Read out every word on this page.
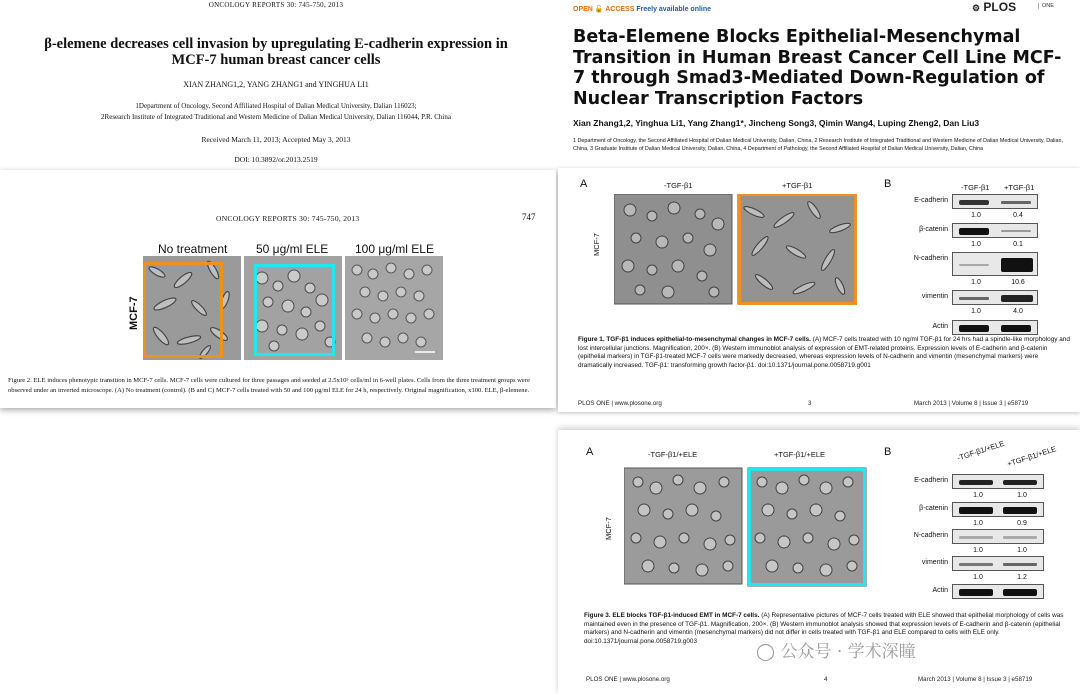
ONCOLOGY REPORTS 30: 745-750, 2013
β-elemene decreases cell invasion by upregulating E-cadherin expression in MCF-7 human breast cancer cells
XIAN ZHANG1,2, YANG ZHANG1 and YINGHUA LI1
1Department of Oncology, Second Affiliated Hospital of Dalian Medical University, Dalian 116023;
2Research Institute of Integrated Traditional and Western Medicine of Dalian Medical University, Dalian 116044, P.R. China
Received March 11, 2013; Accepted May 3, 2013
DOI: 10.3892/or.2013.2519
OPEN 🔓 ACCESS Freely available online	⚙ PLOS	ONE
Beta-Elemene Blocks Epithelial-Mesenchymal Transition in Human Breast Cancer Cell Line MCF-7 through Smad3-Mediated Down-Regulation of Nuclear Transcription Factors
Xian Zhang1,2, Yinghua Li1, Yang Zhang1*, Jincheng Song3, Qimin Wang4, Luping Zheng2, Dan Liu3
1 Department of Oncology, the Second Affiliated Hospital of Dalian Medical University, Dalian, China, 2 Research Institute of Integrated Traditional and Western Medicine of Dalian Medical University, Dalian, China, 3 Graduate Institute of Dalian Medical University, Dalian, China, 4 Department of Pathology, the Second Affiliated Hospital of Dalian Medical University, Dalian, China
ONCOLOGY REPORTS 30: 745-750, 2013	747
No treatment 50 μg/ml ELE 100 μg/ml ELE
MCF-7
Figure 2. ELE induces phenotypic transition in MCF-7 cells. MCF-7 cells were cultured for three passages and seeded at 2.5x10⁵ cells/ml in 6-well plates. Cells from the three treatment groups were observed under an inverted microscope. (A) No treatment (control). (B and C) MCF-7 cells treated with 50 and 100 μg/ml ELE for 24 h, respectively. Original magnification, x100. ELE, β-elemene.
A	B
-TGF-β1	+TGF-β1
MCF-7
-TGF-β1 +TGF-β1
E-cadherin
1.0	0.4
β-catenin
1.0	0.1
N-cadherin
1.0	10.6
vimentin
1.0	4.0
Actin
Figure 1. TGF-β1 induces epithelial-to-mesenchymal changes in MCF-7 cells. (A) MCF-7 cells treated with 10 ng/ml TGF-β1 for 24 hrs had a spindle-like morphology and lost intercellular junctions. Magnification, 200×. (B) Western immunoblot analysis of expression of EMT-related proteins. Expression levels of E-cadherin and β-catenin (epithelial markers) in TGF-β1-treated MCF-7 cells were markedly decreased, whereas expression levels of N-cadherin and vimentin (mesenchymal markers) were dramatically increased. TGF-β1: transforming growth factor-β1. doi:10.1371/journal.pone.0058719.g001
PLOS ONE | www.plosone.org	3	March 2013 | Volume 8 | Issue 3 | e58719
A	B
-TGF-β1/+ELE	+TGF-β1/+ELE
MCF-7
-TGF-β1/+ELE +TGF-β1/+ELE
E-cadherin
1.0	1.0
β-catenin
1.0	0.9
N-cadherin
1.0	1.0
vimentin
1.0	1.2
Actin
Figure 3. ELE blocks TGF-β1-induced EMT in MCF-7 cells. (A) Representative pictures of MCF-7 cells treated with ELE showed that epithelial morphology of cells was maintained even in the presence of TGF-β1. Magnification, 200×. (B) Western immunoblot analysis showed that expression levels of E-cadherin and β-catenin (epithelial markers) and N-cadherin and vimentin (mesenchymal markers) did not differ in cells treated with TGF-β1 and ELE compared to cells with ELE only. doi:10.1371/journal.pone.0058719.g003
◯ 公众号 · 学术深瞳
PLOS ONE | www.plosone.org	4	March 2013 | Volume 8 | Issue 3 | e58719
